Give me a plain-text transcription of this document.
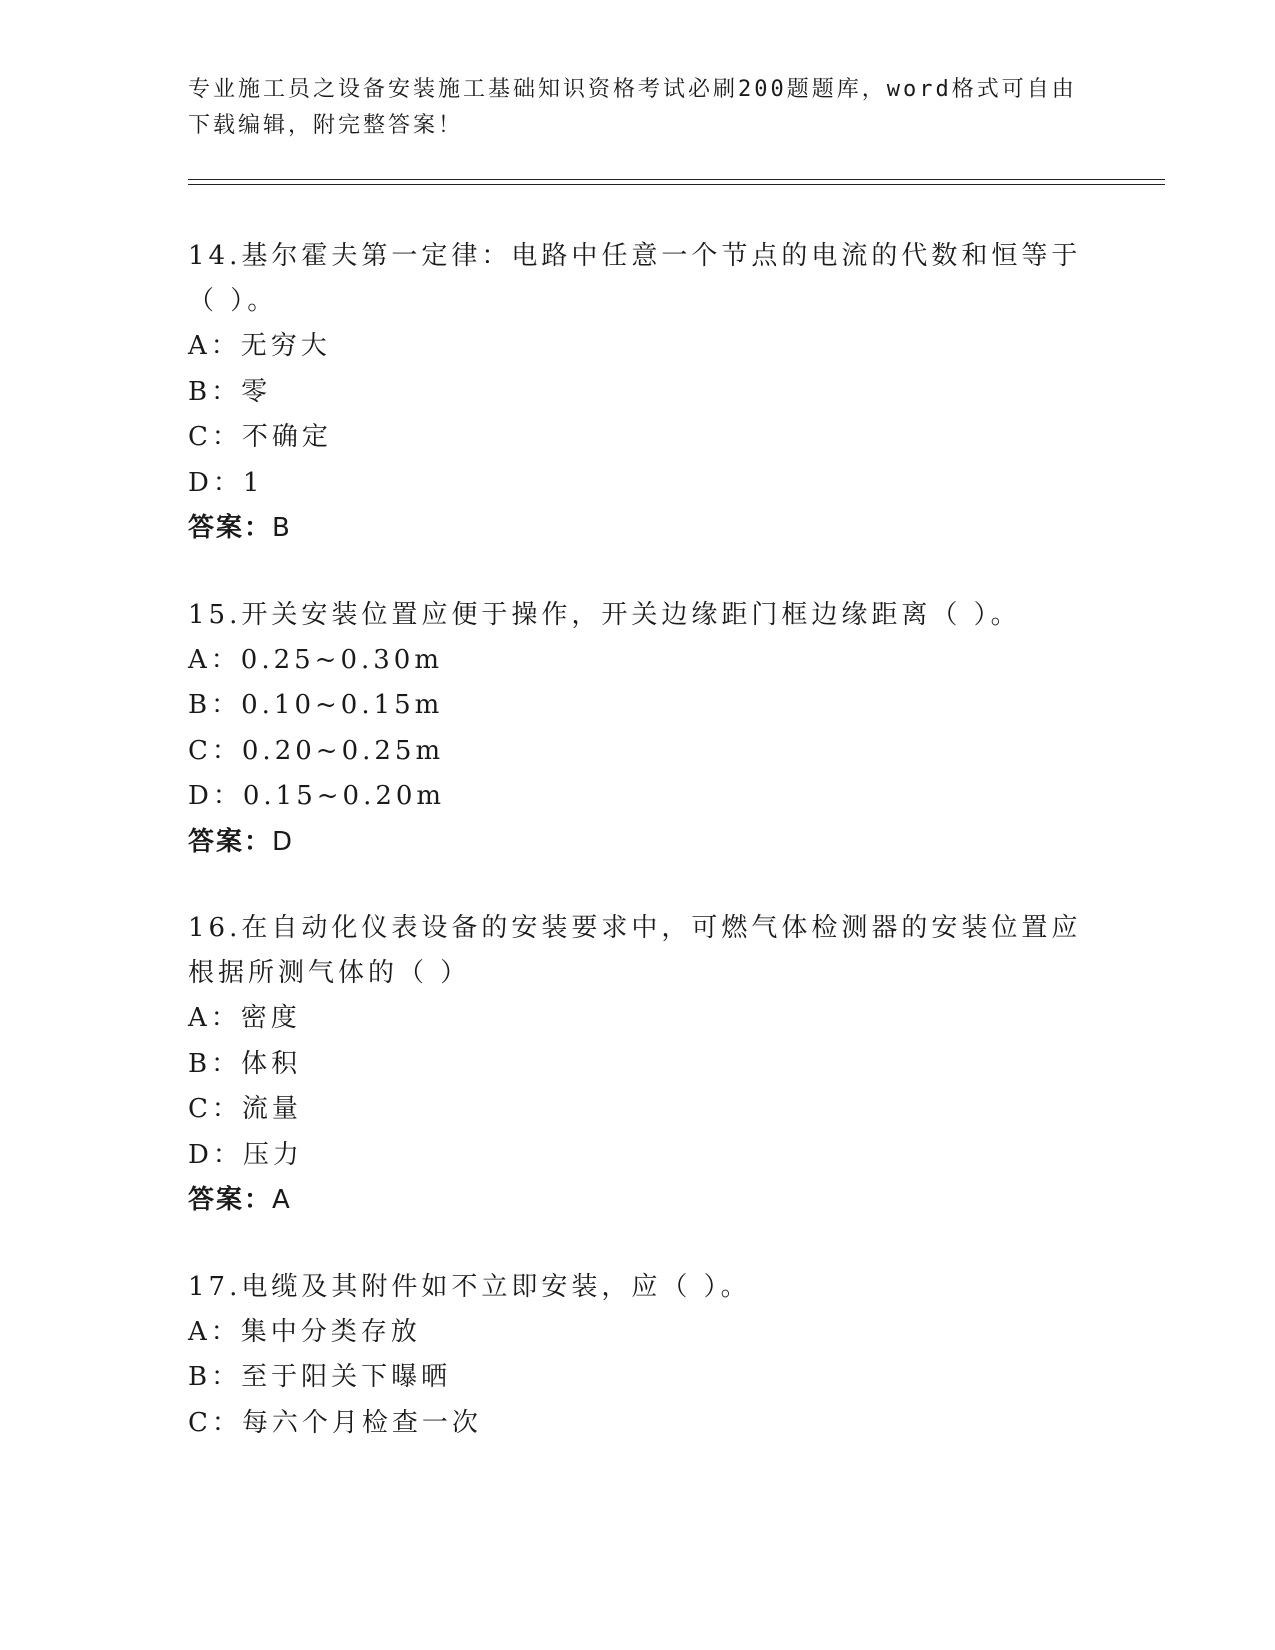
专业施工员之设备安装施工基础知识资格考试必刷200题题库，word格式可自由下载编辑，附完整答案！
14.基尔霍夫第一定律：电路中任意一个节点的电流的代数和恒等于（ ）。
A：无穷大
B：零
C：不确定
D：1
答案：B
15.开关安装位置应便于操作，开关边缘距门框边缘距离（ ）。
A：0.25~0.30m
B：0.10~0.15m
C：0.20~0.25m
D：0.15~0.20m
答案：D
16.在自动化仪表设备的安装要求中，可燃气体检测器的安装位置应根据所测气体的（ ）
A：密度
B：体积
C：流量
D：压力
答案：A
17.电缆及其附件如不立即安装，应（ ）。
A：集中分类存放
B：至于阳关下曝晒
C：每六个月检查一次
